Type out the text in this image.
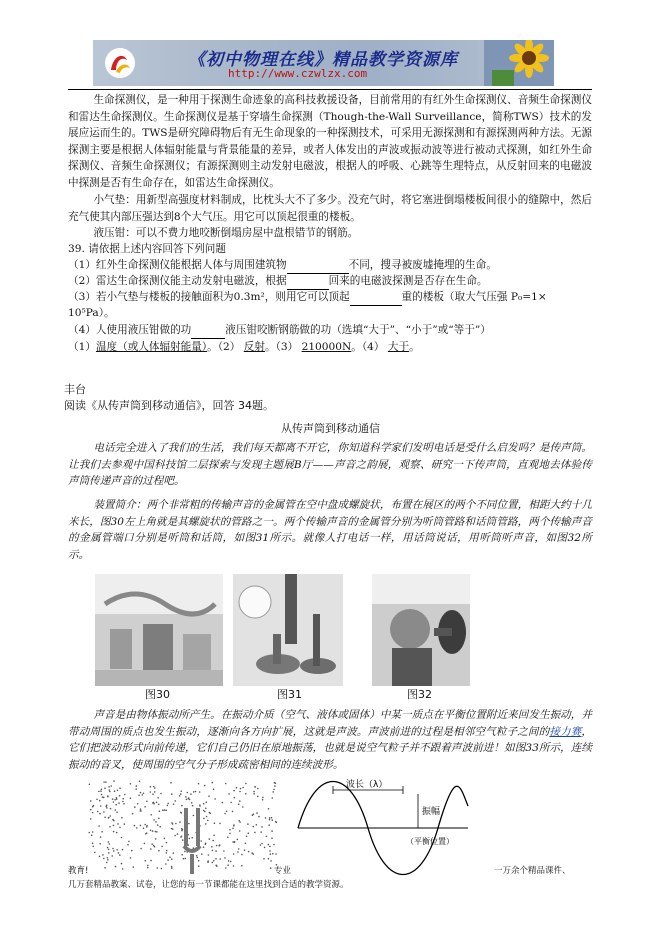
《初中物理在线》精品教学资源库
http://www.czwlzx.com
生命探测仪，是一种用于探测生命迹象的高科技救援设备，目前常用的有红外生命探测仪、音频生命探测仪和雷达生命探测仪。生命探测仪是基于穿墙生命探测（Though-the-Wall Surveillance，简称TWS）技术的发展应运而生的。TWS是研究障碍物后有无生命现象的一种探测技术，可采用无源探测和有源探测两种方法。无源探测主要是根据人体辐射能量与背景能量的差异，或者人体发出的声波或振动波等进行被动式探测，如红外生命探测仪、音频生命探测仪；有源探测则主动发射电磁波，根据人的呼吸、心跳等生理特点，从反射回来的电磁波中探测是否有生命存在，如雷达生命探测仪。
小气垫：用新型高强度材料制成，比枕头大不了多少。没充气时，将它塞进倒塌楼板间很小的缝隙中，然后充气使其内部压强达到8个大气压。用它可以顶起很重的楼板。
液压钳：可以不费力地咬断倒塌房屋中盘根错节的钢筋。
39. 请依据上述内容回答下列问题
（1）红外生命探测仪能根据人体与周围建筑物	不同，搜寻被废墟掩埋的生命。
（2）雷达生命探测仪能主动发射电磁波，根据	回来的电磁波探测是否存在生命。
（3）若小气垫与楼板的接触面积为0.3m²，则用它可以顶起	重的楼板（取大气压强 P₀=1×
10⁵Pa）。
（4）人使用液压钳做的功	液压钳咬断钢筋做的功（选填“大于”、“小于”或“等于”）
（1）温度（或人体辐射能量）。（2） 反射。（3） 210000N。（4） 大于。
丰台
阅读《从传声筒到移动通信》，回答 34题。
从传声筒到移动通信
电话完全进入了我们的生活，我们每天都离不开它，你知道科学家们发明电话是受什么启发吗？是传声筒。让我们去参观中国科技馆二层探索与发现主题展B厅——声音之韵展，观察、研究一下传声筒，直观地去体验传声筒传递声音的过程吧。
装置简介：两个非常粗的传输声音的金属管在空中盘成螺旋状，布置在展区的两个不同位置，相距大约十几米长，图30左上角就是其螺旋状的管路之一。两个传输声音的金属管分别为听筒管路和话筒管路，两个传输声音的金属管端口分别是听筒和话筒，如图31所示。就像人打电话一样，用话筒说话，用听筒听声音，如图32所示。
图30	图31	图32
声音是由物体振动所产生。在振动介质（空气、液体或固体）中某一质点在平衡位置附近来回发生振动，并带动周围的质点也发生振动，逐渐向各方向扩展，这就是声波。声波前进的过程是相邻空气粒子之间的接力赛，它们把波动形式向前传递，它们自己仍旧在原地振荡，也就是说空气粒子并不跟着声波前进！如图33所示，连续振动的音叉，使周围的空气分子形成疏密相间的连续波形。
波长（λ）
振幅
（平衡位置）
教育!	专业	一万余个精品课件、
几万套精品教案、试卷，让您的每一节课都能在这里找到合适的教学资源。
